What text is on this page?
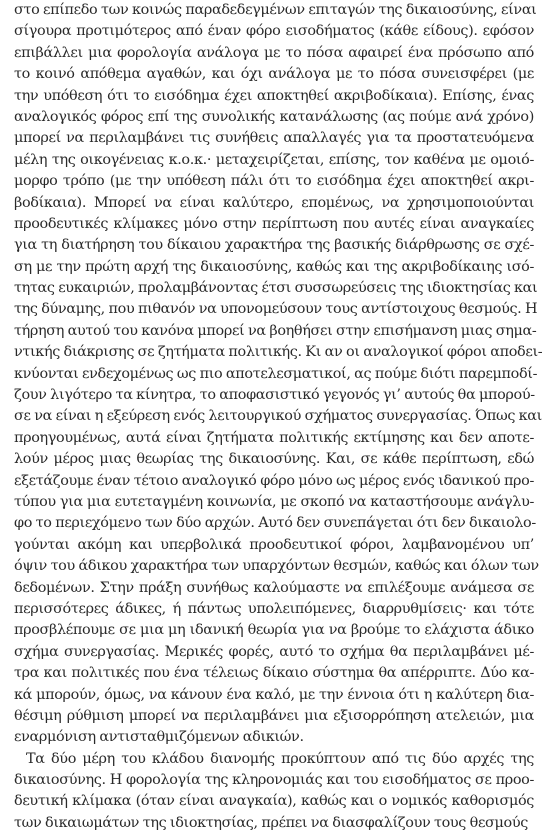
στο επίπεδο των κοινώς παραδεδεγμένων επιταγών της δικαιοσύνης, είναι
σίγουρα προτιμότερος από έναν φόρο εισοδήματος (κάθε είδους). εφόσον
επιβάλλει μια φορολογία ανάλογα με το πόσα αφαιρεί ένα πρόσωπο από
το κοινό απόθεμα αγαθών, και όχι ανάλογα με το πόσα συνεισφέρει (με
την υπόθεση ότι το εισόδημα έχει αποκτηθεί ακριβοδίκαια). Επίσης, ένας
αναλογικός φόρος επί της συνολικής κατανάλωσης (ας πούμε ανά χρόνο)
μπορεί να περιλαμβάνει τις συνήθεις απαλλαγές για τα προστατευόμενα
μέλη της οικογένειας κ.ο.κ.· μεταχειρίζεται, επίσης, τον καθένα με ομοιό-
μορφο τρόπο (με την υπόθεση πάλι ότι το εισόδημα έχει αποκτηθεί ακρι-
βοδίκαια). Μπορεί να είναι καλύτερο, επομένως, να χρησιμοποιούνται
προοδευτικές κλίμακες μόνο στην περίπτωση που αυτές είναι αναγκαίες
για τη διατήρηση του δίκαιου χαρακτήρα της βασικής διάρθρωσης σε σχέ-
ση με την πρώτη αρχή της δικαιοσύνης, καθώς και της ακριβοδίκαιης ισό-
τητας ευκαιριών, προλαμβάνοντας έτσι συσσωρεύσεις της ιδιοκτησίας και
της δύναμης, που πιθανόν να υπονομεύσουν τους αντίστοιχους θεσμούς. Η
τήρηση αυτού του κανόνα μπορεί να βοηθήσει στην επισήμανση μιας σημα-
ντικής διάκρισης σε ζητήματα πολιτικής. Κι αν οι αναλογικοί φόροι αποδει-
κνύονται ενδεχομένως ως πιο αποτελεσματικοί, ας πούμε διότι παρεμποδί-
ζουν λιγότερο τα κίνητρα, το αποφασιστικό γεγονός γι’ αυτούς θα μπορού-
σε να είναι η εξεύρεση ενός λειτουργικού σχήματος συνεργασίας. Όπως και
προηγουμένως, αυτά είναι ζητήματα πολιτικής εκτίμησης και δεν αποτε-
λούν μέρος μιας θεωρίας της δικαιοσύνης. Και, σε κάθε περίπτωση, εδώ
εξετάζουμε έναν τέτοιο αναλογικό φόρο μόνο ως μέρος ενός ιδανικού προ-
τύπου για μια ευτεταγμένη κοινωνία, με σκοπό να καταστήσουμε ανάγλυ-
φο το περιεχόμενο των δύο αρχών. Αυτό δεν συνεπάγεται ότι δεν δικαιολο-
γούνται ακόμη και υπερβολικά προοδευτικοί φόροι, λαμβανομένου υπ’
όψιν του άδικου χαρακτήρα των υπαρχόντων θεσμών, καθώς και όλων των
δεδομένων. Στην πράξη συνήθως καλούμαστε να επιλέξουμε ανάμεσα σε
περισσότερες άδικες, ή πάντως υπολειπόμενες, διαρρυθμίσεις· και τότε
προσβλέπουμε σε μια μη ιδανική θεωρία για να βρούμε το ελάχιστα άδικο
σχήμα συνεργασίας. Μερικές φορές, αυτό το σχήμα θα περιλαμβάνει μέ-
τρα και πολιτικές που ένα τέλειως δίκαιο σύστημα θα απέρριπτε. Δύο κα-
κά μπορούν, όμως, να κάνουν ένα καλό, με την έννοια ότι η καλύτερη δια-
θέσιμη ρύθμιση μπορεί να περιλαμβάνει μια εξισορρόπηση ατελειών, μια
εναρμόνιση αντισταθμιζόμενων αδικιών.
Τα δύο μέρη του κλάδου διανομής προκύπτουν από τις δύο αρχές της
δικαιοσύνης. Η φορολογία της κληρονομιάς και του εισοδήματος σε προο-
δευτική κλίμακα (όταν είναι αναγκαία), καθώς και ο νομικός καθορισμός
των δικαιωμάτων της ιδιοκτησίας, πρέπει να διασφαλίζουν τους θεσμούς
